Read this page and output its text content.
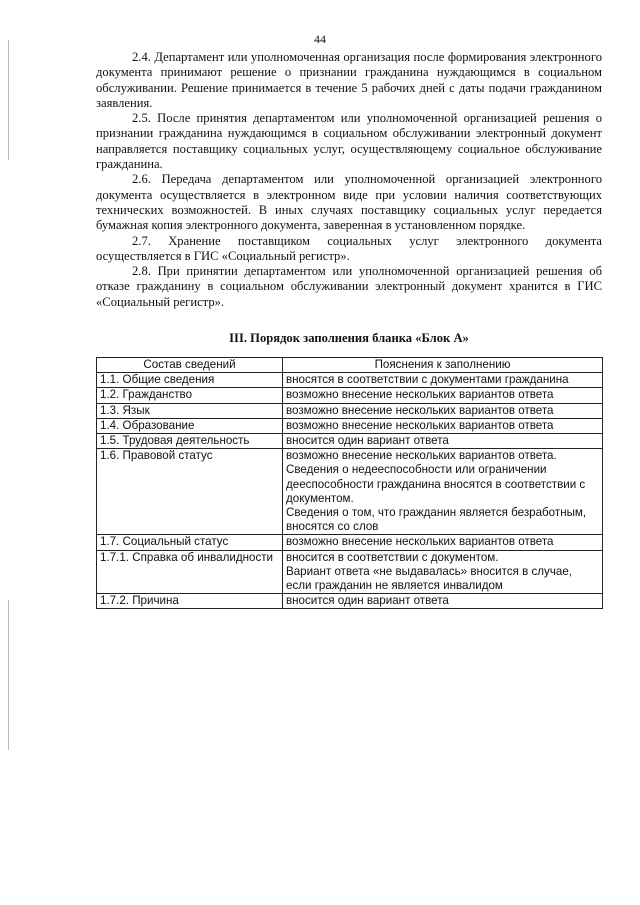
44

2.4. Департамент или уполномоченная организация после формирования электронного документа принимают решение о признании гражданина нуждающимся в социальном обслуживании. Решение принимается в течение 5 рабочих дней с даты подачи гражданином заявления.

2.5. После принятия департаментом или уполномоченной организацией решения о признании гражданина нуждающимся в социальном обслуживании электронный документ направляется поставщику социальных услуг, осуществляющему социальное обслуживание гражданина.

2.6. Передача департаментом или уполномоченной организацией электронного документа осуществляется в электронном виде при условии наличия соответствующих технических возможностей. В иных случаях поставщику социальных услуг передается бумажная копия электронного документа, заверенная в установленном порядке.

2.7. Хранение поставщиком социальных услуг электронного документа осуществляется в ГИС «Социальный регистр».

2.8. При принятии департаментом или уполномоченной организацией решения об отказе гражданину в социальном обслуживании электронный документ хранится в ГИС «Социальный регистр».

III. Порядок заполнения бланка «Блок А»
Состав сведений	Пояснения к заполнению
1.1. Общие сведения	вносятся в соответствии с документами гражданина

1.2. Гражданство	возможно внесение нескольких вариантов ответа

1.3. Язык	возможно внесение нескольких вариантов ответа

1.4. Образование	возможно внесение нескольких вариантов ответа

1.5. Трудовая деятельность	вносится один вариант ответа

1.6. Правовой статус	возможно внесение нескольких вариантов ответа.
Сведения о недееспособности или ограничении дееспособности гражданина вносятся в соответствии с документом.
Сведения о том, что гражданин является безработным, вносятся со слов

1.7. Социальный статус	возможно внесение нескольких вариантов ответа

1.7.1. Справка об инвалидности	вносится в соответствии с документом.
Вариант ответа «не выдавалась» вносится в случае, если гражданин не является инвалидом

1.7.2. Причина	вносится один вариант ответа
